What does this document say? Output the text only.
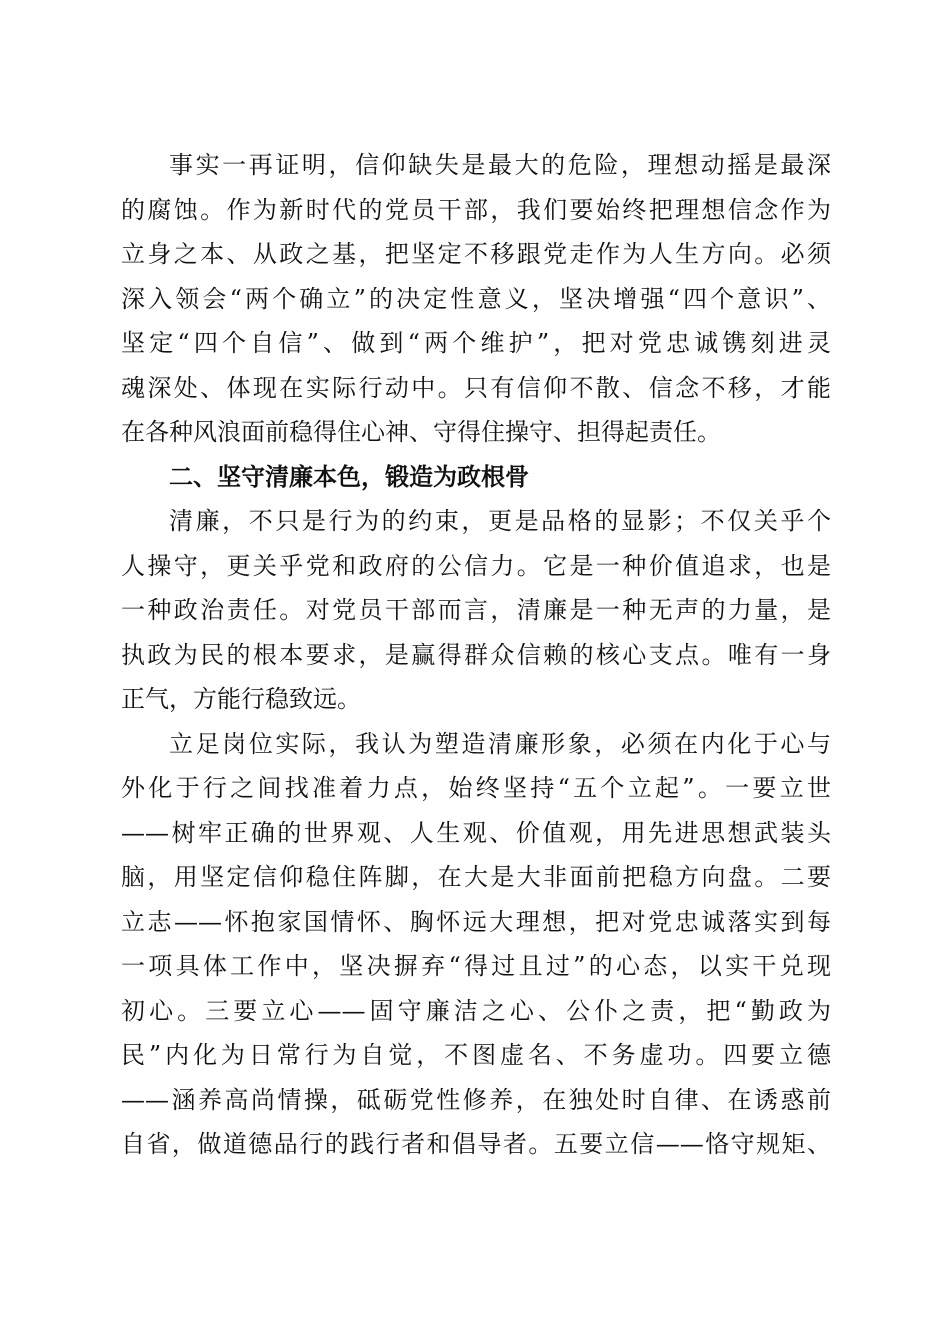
事实一再证明，信仰缺失是最大的危险，理想动摇是最深
的腐蚀。作为新时代的党员干部，我们要始终把理想信念作为
立身之本、从政之基，把坚定不移跟党走作为人生方向。必须
深入领会“两个确立”的决定性意义，坚决增强“四个意识”、
坚定“四个自信”、做到“两个维护”，把对党忠诚镌刻进灵
魂深处、体现在实际行动中。只有信仰不散、信念不移，才能
在各种风浪面前稳得住心神、守得住操守、担得起责任。
二、坚守清廉本色，锻造为政根骨
清廉，不只是行为的约束，更是品格的显影；不仅关乎个
人操守，更关乎党和政府的公信力。它是一种价值追求，也是
一种政治责任。对党员干部而言，清廉是一种无声的力量，是
执政为民的根本要求，是赢得群众信赖的核心支点。唯有一身
正气，方能行稳致远。
立足岗位实际，我认为塑造清廉形象，必须在内化于心与
外化于行之间找准着力点，始终坚持“五个立起”。一要立世
——树牢正确的世界观、人生观、价值观，用先进思想武装头
脑，用坚定信仰稳住阵脚，在大是大非面前把稳方向盘。二要
立志——怀抱家国情怀、胸怀远大理想，把对党忠诚落实到每
一项具体工作中，坚决摒弃“得过且过”的心态，以实干兑现
初心。三要立心——固守廉洁之心、公仆之责，把“勤政为
民”内化为日常行为自觉，不图虚名、不务虚功。四要立德
——涵养高尚情操，砥砺党性修养，在独处时自律、在诱惑前
自省，做道德品行的践行者和倡导者。五要立信——恪守规矩、
